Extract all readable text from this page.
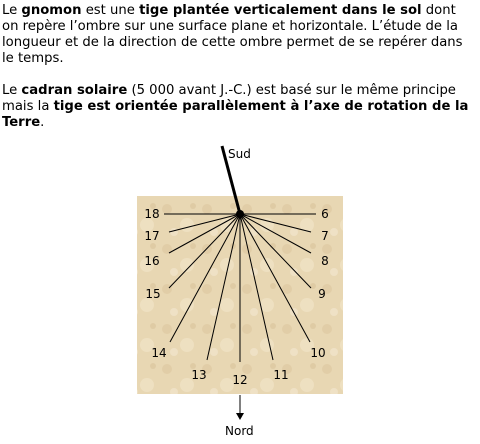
Le gnomon est une tige plantée verticalement dans le sol dont on repère l’ombre sur une surface plane et horizontale. L’étude de la longueur et de la direction de cette ombre permet de se repérer dans le temps.
Le cadran solaire (5 000 avant J.-C.) est basé sur le même principe mais la tige est orientée parallèlement à l’axe de rotation de la Terre.
6
7
8
9
10
11
12
13
14
15
16
17
18
Sud
Nord
